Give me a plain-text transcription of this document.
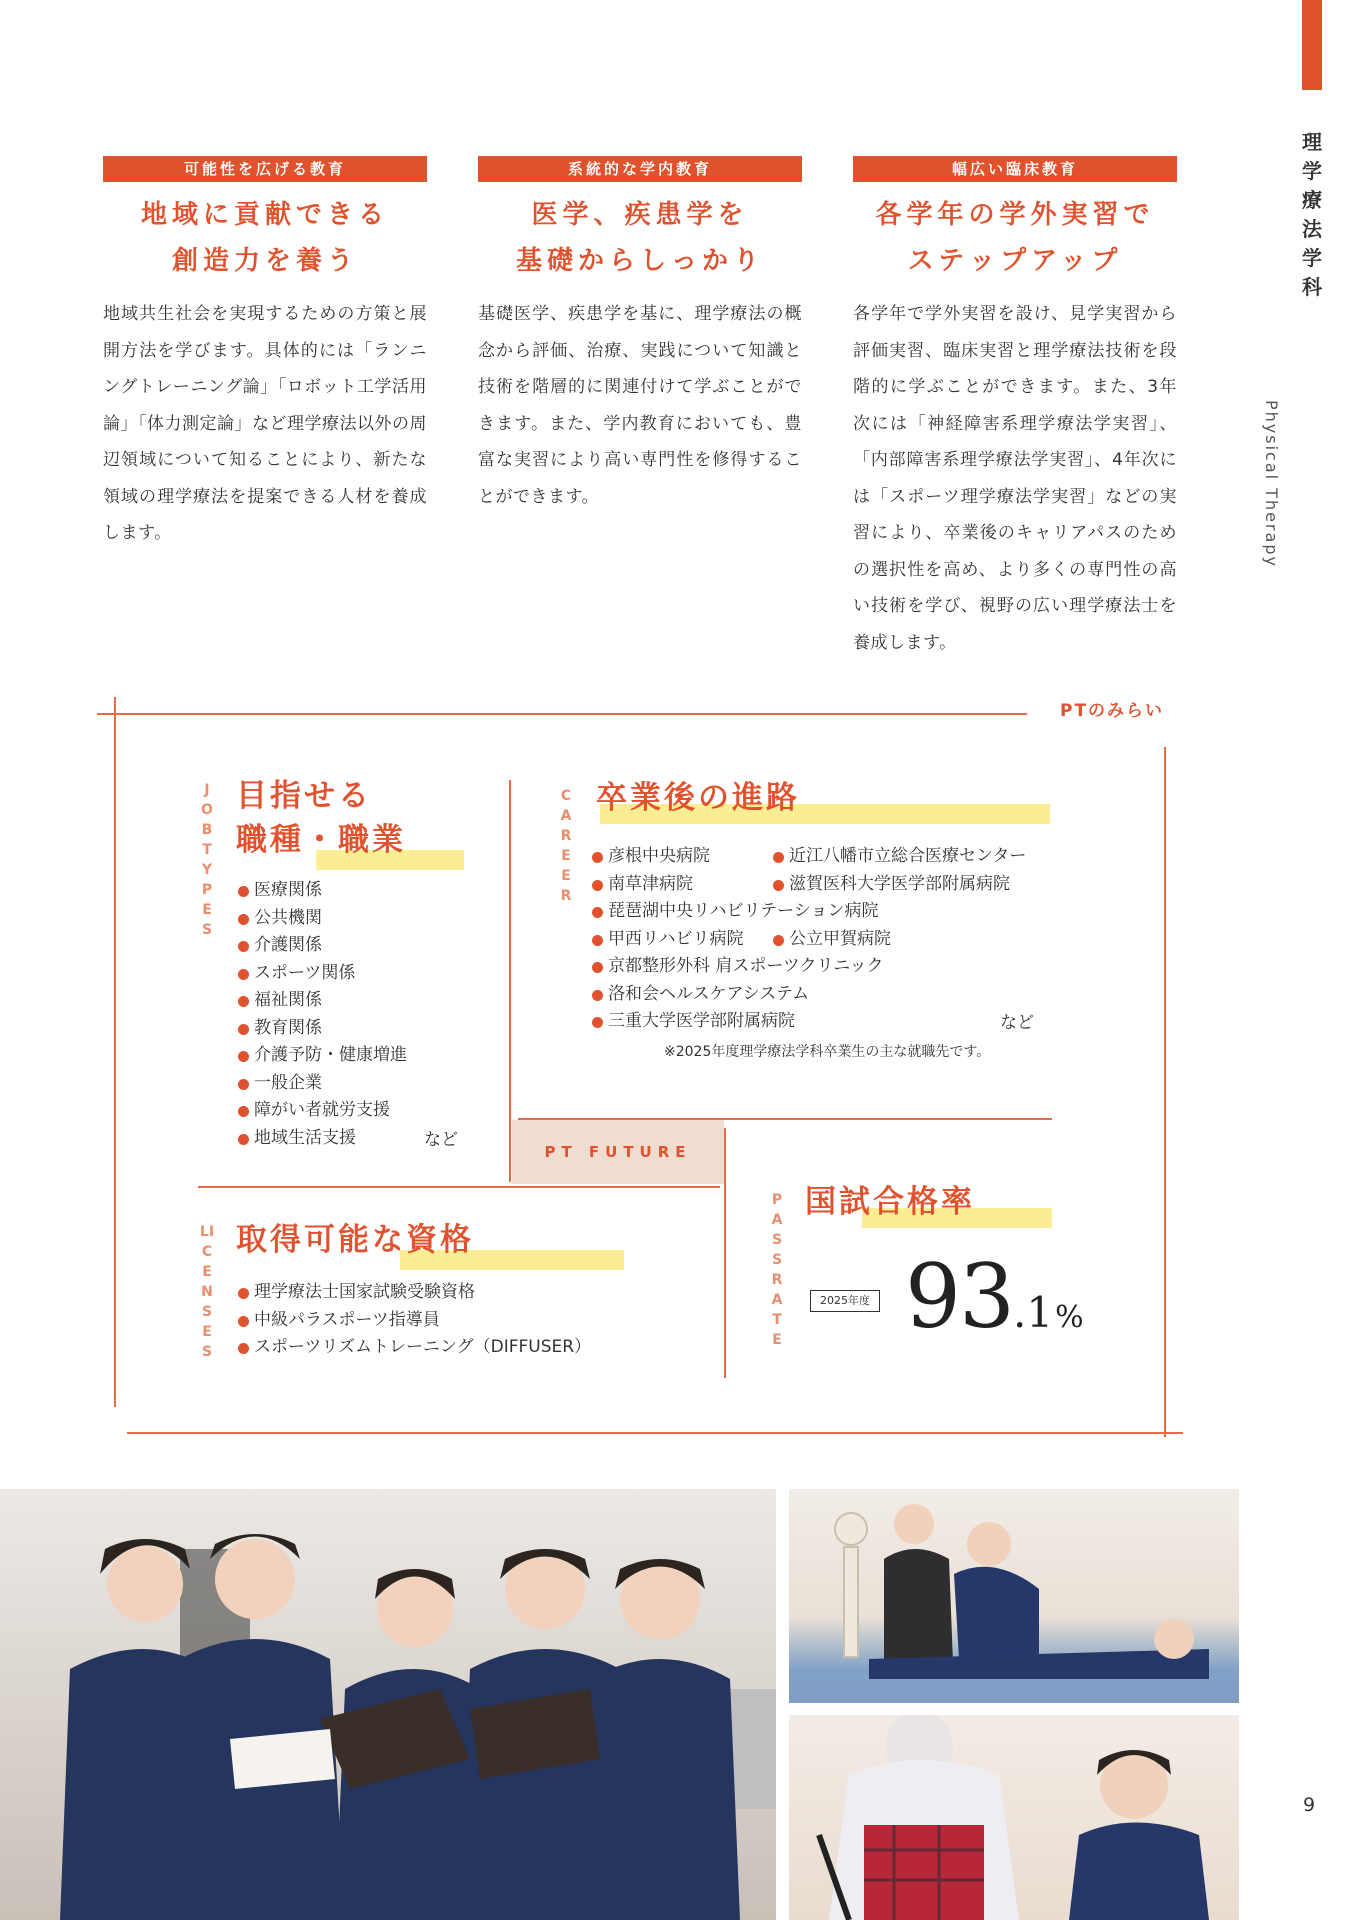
理学療法学科
Physical Therapy
可能性を広げる教育
地域に貢献できる
創造力を養う
地域共生社会を実現するための方策と展開方法を学びます。具体的には「ランニングトレーニング論」「ロボット工学活用論」「体力測定論」など理学療法以外の周辺領域について知ることにより、新たな領域の理学療法を提案できる人材を養成します。
系統的な学内教育
医学、疾患学を
基礎からしっかり
基礎医学、疾患学を基に、理学療法の概念から評価、治療、実践について知識と技術を階層的に関連付けて学ぶことができます。また、学内教育においても、豊富な実習により高い専門性を修得することができます。
幅広い臨床教育
各学年の学外実習で
ステップアップ
各学年で学外実習を設け、見学実習から評価実習、臨床実習と理学療法技術を段階的に学ぶことができます。また、3年次には「神経障害系理学療法学実習」、「内部障害系理学療法学実習」、4年次には「スポーツ理学療法学実習」などの実習により、卒業後のキャリアパスのための選択性を高め、より多くの専門性の高い技術を学び、視野の広い理学療法士を養成します。
PTのみらい
PT FUTURE
JOB TYPES
目指せる
職種・職業
医療関係
公共機関
介護関係
スポーツ関係
福祉関係
教育関係
介護予防・健康増進
一般企業
障がい者就労支援
地域生活支援	など
CAREER
卒業後の進路
彦根中央病院
南草津病院
琵琶湖中央リハビリテーション病院
甲西リハビリ病院
京都整形外科 肩スポーツクリニック
洛和会ヘルスケアシステム
三重大学医学部附属病院
近江八幡市立総合医療センター
滋賀医科大学医学部附属病院
公立甲賀病院
など
※2025年度理学療法学科卒業生の主な就職先です。
LICENSES
取得可能な資格
理学療法士国家試験受験資格
中級パラスポーツ指導員
スポーツリズムトレーニング（DIFFUSER）
PASS RATE
国試合格率
2025年度 93.1%
9
